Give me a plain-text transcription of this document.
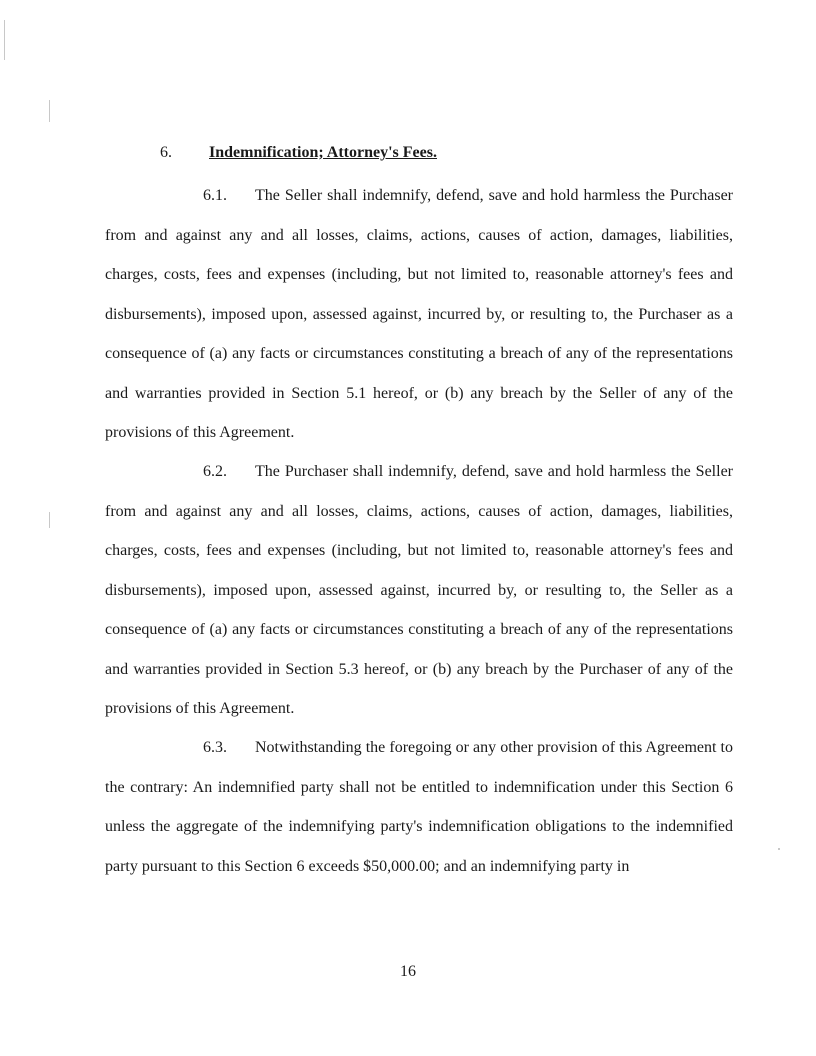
6. Indemnification; Attorney's Fees.

6.1. The Seller shall indemnify, defend, save and hold harmless the Purchaser from and against any and all losses, claims, actions, causes of action, damages, liabilities, charges, costs, fees and expenses (including, but not limited to, reasonable attorney's fees and disbursements), imposed upon, assessed against, incurred by, or resulting to, the Purchaser as a consequence of (a) any facts or circumstances constituting a breach of any of the representations and warranties provided in Section 5.1 hereof, or (b) any breach by the Seller of any of the provisions of this Agreement.

6.2. The Purchaser shall indemnify, defend, save and hold harmless the Seller from and against any and all losses, claims, actions, causes of action, damages, liabilities, charges, costs, fees and expenses (including, but not limited to, reasonable attorney's fees and disbursements), imposed upon, assessed against, incurred by, or resulting to, the Seller as a consequence of (a) any facts or circumstances constituting a breach of any of the representations and warranties provided in Section 5.3 hereof, or (b) any breach by the Purchaser of any of the provisions of this Agreement.

6.3. Notwithstanding the foregoing or any other provision of this Agreement to the contrary: An indemnified party shall not be entitled to indemnification under this Section 6 unless the aggregate of the indemnifying party's indemnification obligations to the indemnified party pursuant to this Section 6 exceeds $50,000.00; and an indemnifying party in

16
